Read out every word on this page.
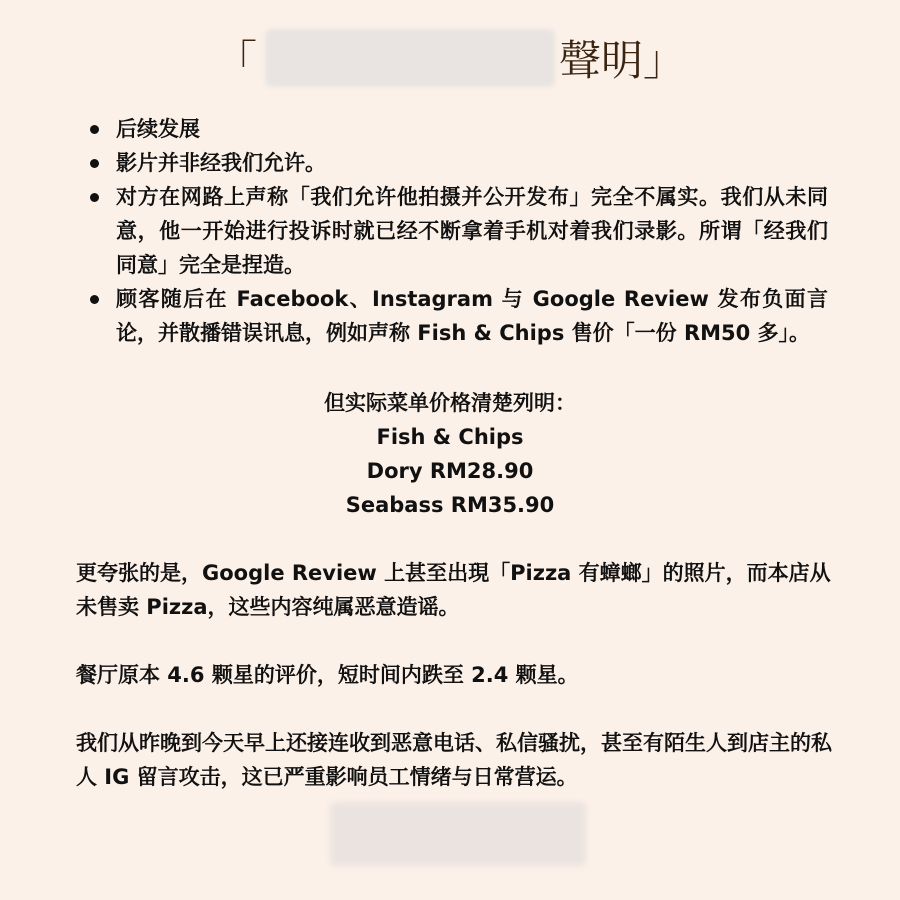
「	聲明」
后续发展
影片并非经我们允许。
对方在网路上声称「我们允许他拍摄并公开发布」完全不属实。我们从未同意，他一开始进行投诉时就已经不断拿着手机对着我们录影。所谓「经我们同意」完全是捏造。
顾客随后在 Facebook、Instagram 与 Google Review 发布负面言论，并散播错误讯息，例如声称 Fish & Chips 售价「一份 RM50 多」。
但实际菜单价格清楚列明：
Fish & Chips
Dory RM28.90
Seabass RM35.90
更夸张的是，Google Review 上甚至出現「Pizza 有蟑螂」的照片，而本店从未售卖 Pizza，这些内容纯属恶意造谣。
餐厅原本 4.6 颗星的评价，短时间内跌至 2.4 颗星。
我们从昨晚到今天早上还接连收到恶意电话、私信骚扰，甚至有陌生人到店主的私人 IG 留言攻击，这已严重影响员工情绪与日常营运。
